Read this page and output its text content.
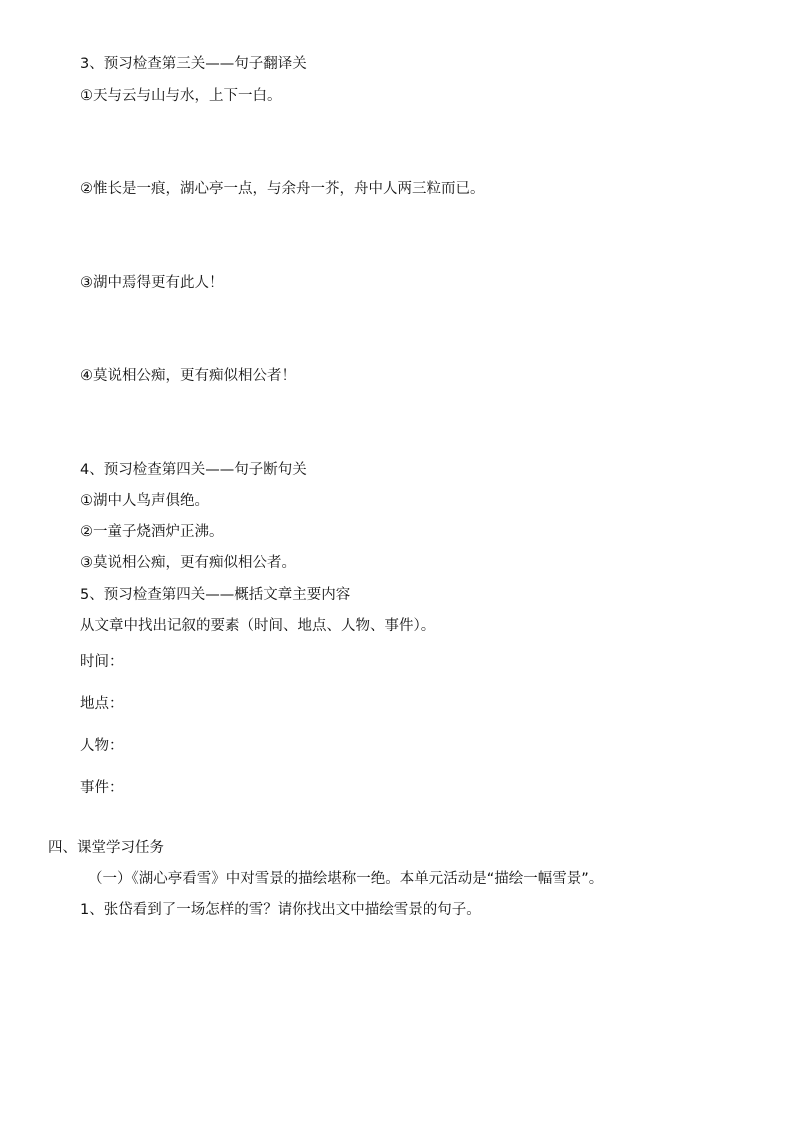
3、预习检查第三关——句子翻译关
①天与云与山与水，上下一白。
②惟长是一痕，湖心亭一点，与余舟一芥，舟中人两三粒而已。
③湖中焉得更有此人！
④莫说相公痴，更有痴似相公者！
4、预习检查第四关——句子断句关
①湖中人鸟声俱绝。
②一童子烧酒炉正沸。
③莫说相公痴，更有痴似相公者。
5、预习检查第四关——概括文章主要内容
从文章中找出记叙的要素（时间、地点、人物、事件）。
时间：
地点：
人物：
事件：
四、课堂学习任务
（一）《湖心亭看雪》中对雪景的描绘堪称一绝。本单元活动是“描绘一幅雪景”。
1、张岱看到了一场怎样的雪？请你找出文中描绘雪景的句子。
